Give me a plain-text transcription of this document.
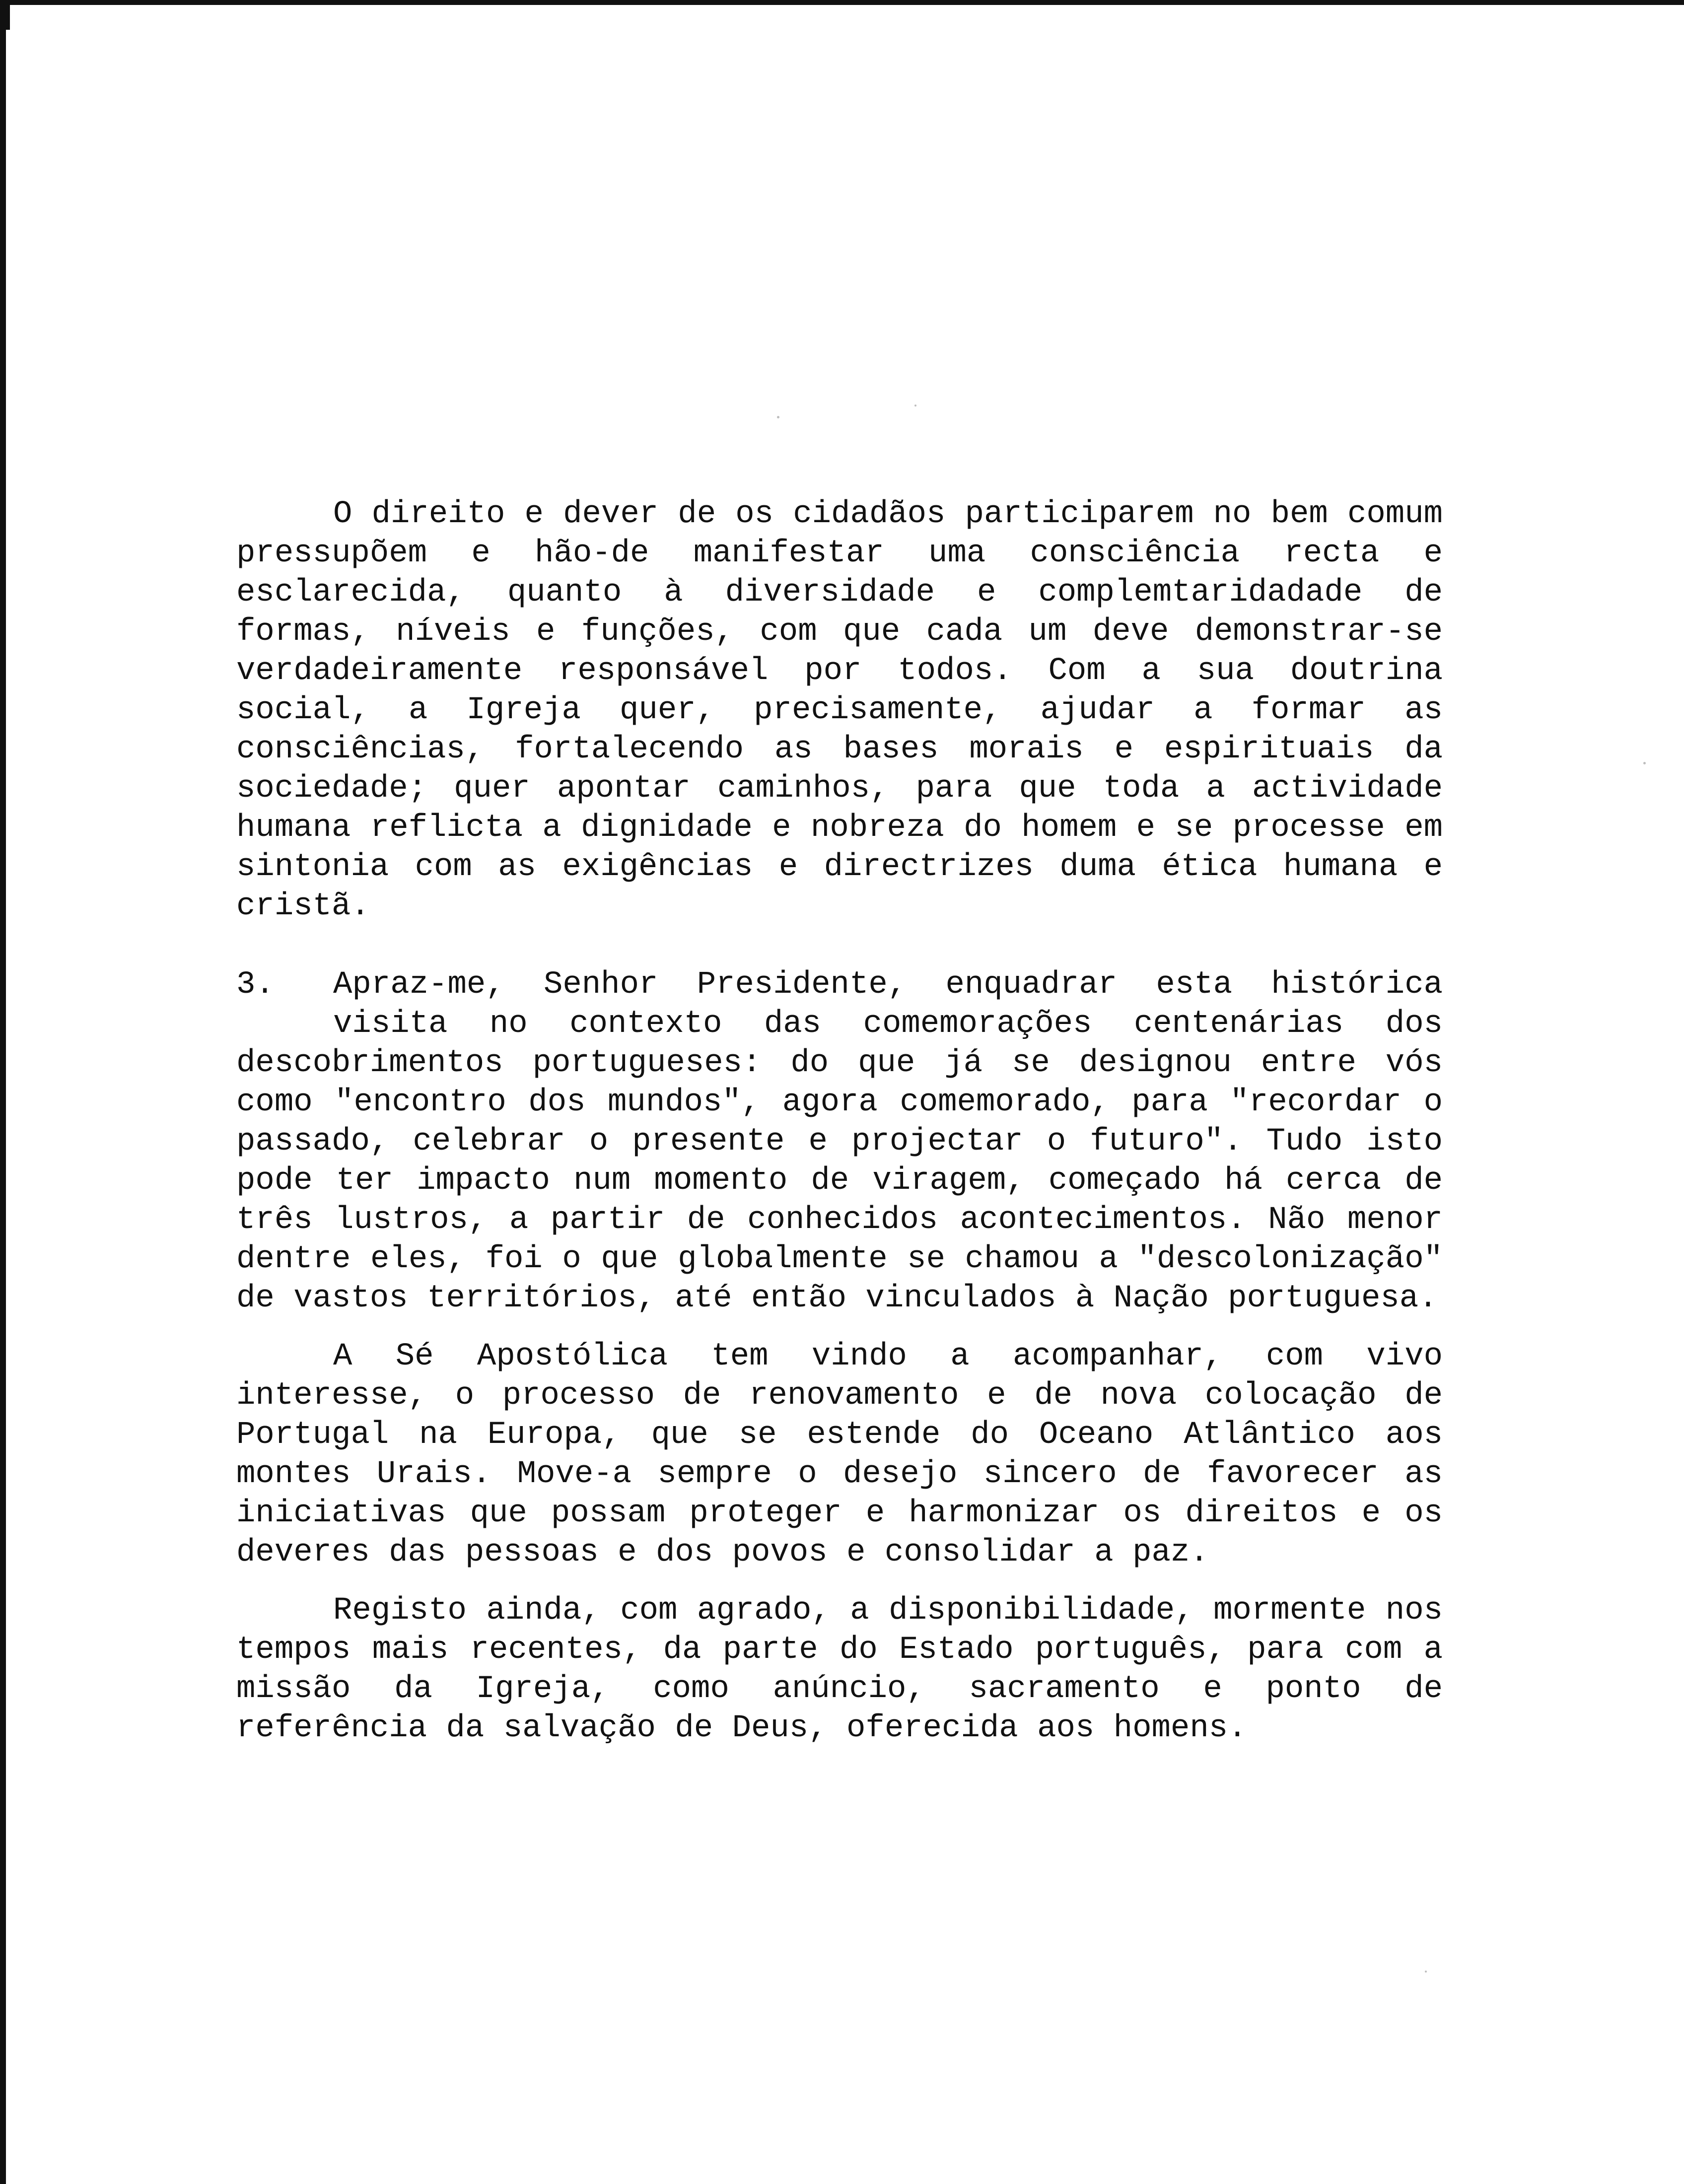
O direito e dever de os cidadãos participarem no bem comum pressupõem e hão-de manifestar uma consciência recta e esclarecida, quanto à diversidade e complemtaridadade de formas, níveis e funções, com que cada um deve demonstrar-se verdadeiramente responsável por todos. Com a sua doutrina social, a Igreja quer, precisamente, ajudar a formar as consciências, fortalecendo as bases morais e espirituais da sociedade; quer apontar caminhos, para que toda a actividade humana reflicta a dignidade e nobreza do homem e se processe em sintonia com as exigências e directrizes duma ética humana e cristã.

3.	Apraz-me, Senhor Presidente, enquadrar esta histórica

visita no contexto das comemorações centenárias dos descobrimentos portugueses: do que já se designou entre vós como "encontro dos mundos", agora comemorado, para "recordar o passado, celebrar o presente e projectar o futuro". Tudo isto pode ter impacto num momento de viragem, começado há cerca de três lustros, a partir de conhecidos acontecimentos. Não menor dentre eles, foi o que globalmente se chamou a "descolonização" de vastos territórios, até então vinculados à Nação portuguesa.

A Sé Apostólica tem vindo a acompanhar, com vivo interesse, o processo de renovamento e de nova colocação de Portugal na Europa, que se estende do Oceano Atlântico aos montes Urais. Move-a sempre o desejo sincero de favorecer as iniciativas que possam proteger e harmonizar os direitos e os deveres das pessoas e dos povos e consolidar a paz.

Registo ainda, com agrado, a disponibilidade, mormente nos tempos mais recentes, da parte do Estado português, para com a missão da Igreja, como anúncio, sacramento e ponto de referência da salvação de Deus, oferecida aos homens.
